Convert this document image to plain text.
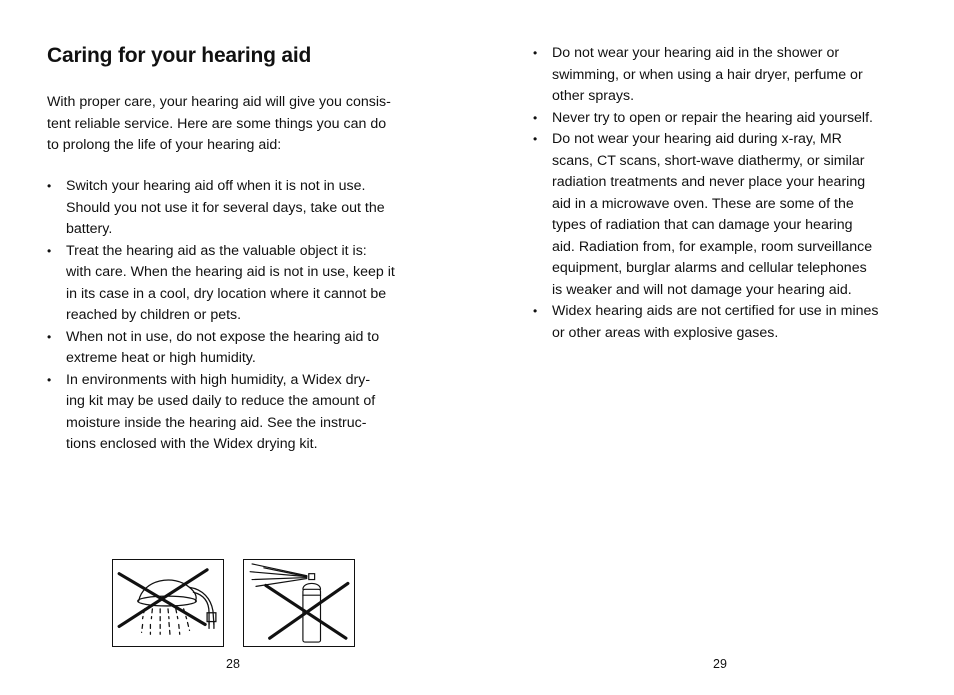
Caring for your hearing aid

With proper care, your hearing aid will give you consis-
tent reliable service. Here are some things you can do
to prolong the life of your hearing aid:

• Switch your hearing aid off when it is not in use.
Should you not use it for several days, take out the
battery.
• Treat the hearing aid as the valuable object it is:
with care. When the hearing aid is not in use, keep it
in its case in a cool, dry location where it cannot be
reached by children or pets.
• When not in use, do not expose the hearing aid to
extreme heat or high humidity.
• In environments with high humidity, a Widex dry-
ing kit may be used daily to reduce the amount of
moisture inside the hearing aid. See the instruc-
tions enclosed with the Widex drying kit.
28
• Do not wear your hearing aid in the shower or
swimming, or when using a hair dryer, perfume or
other sprays.
• Never try to open or repair the hearing aid yourself.
• Do not wear your hearing aid during x-ray, MR
scans, CT scans, short-wave diathermy, or similar
radiation treatments and never place your hearing
aid in a microwave oven. These are some of the
types of radiation that can damage your hearing
aid. Radiation from, for example, room surveillance
equipment, burglar alarms and cellular telephones
is weaker and will not damage your hearing aid.
• Widex hearing aids are not certified for use in mines
or other areas with explosive gases.
29
